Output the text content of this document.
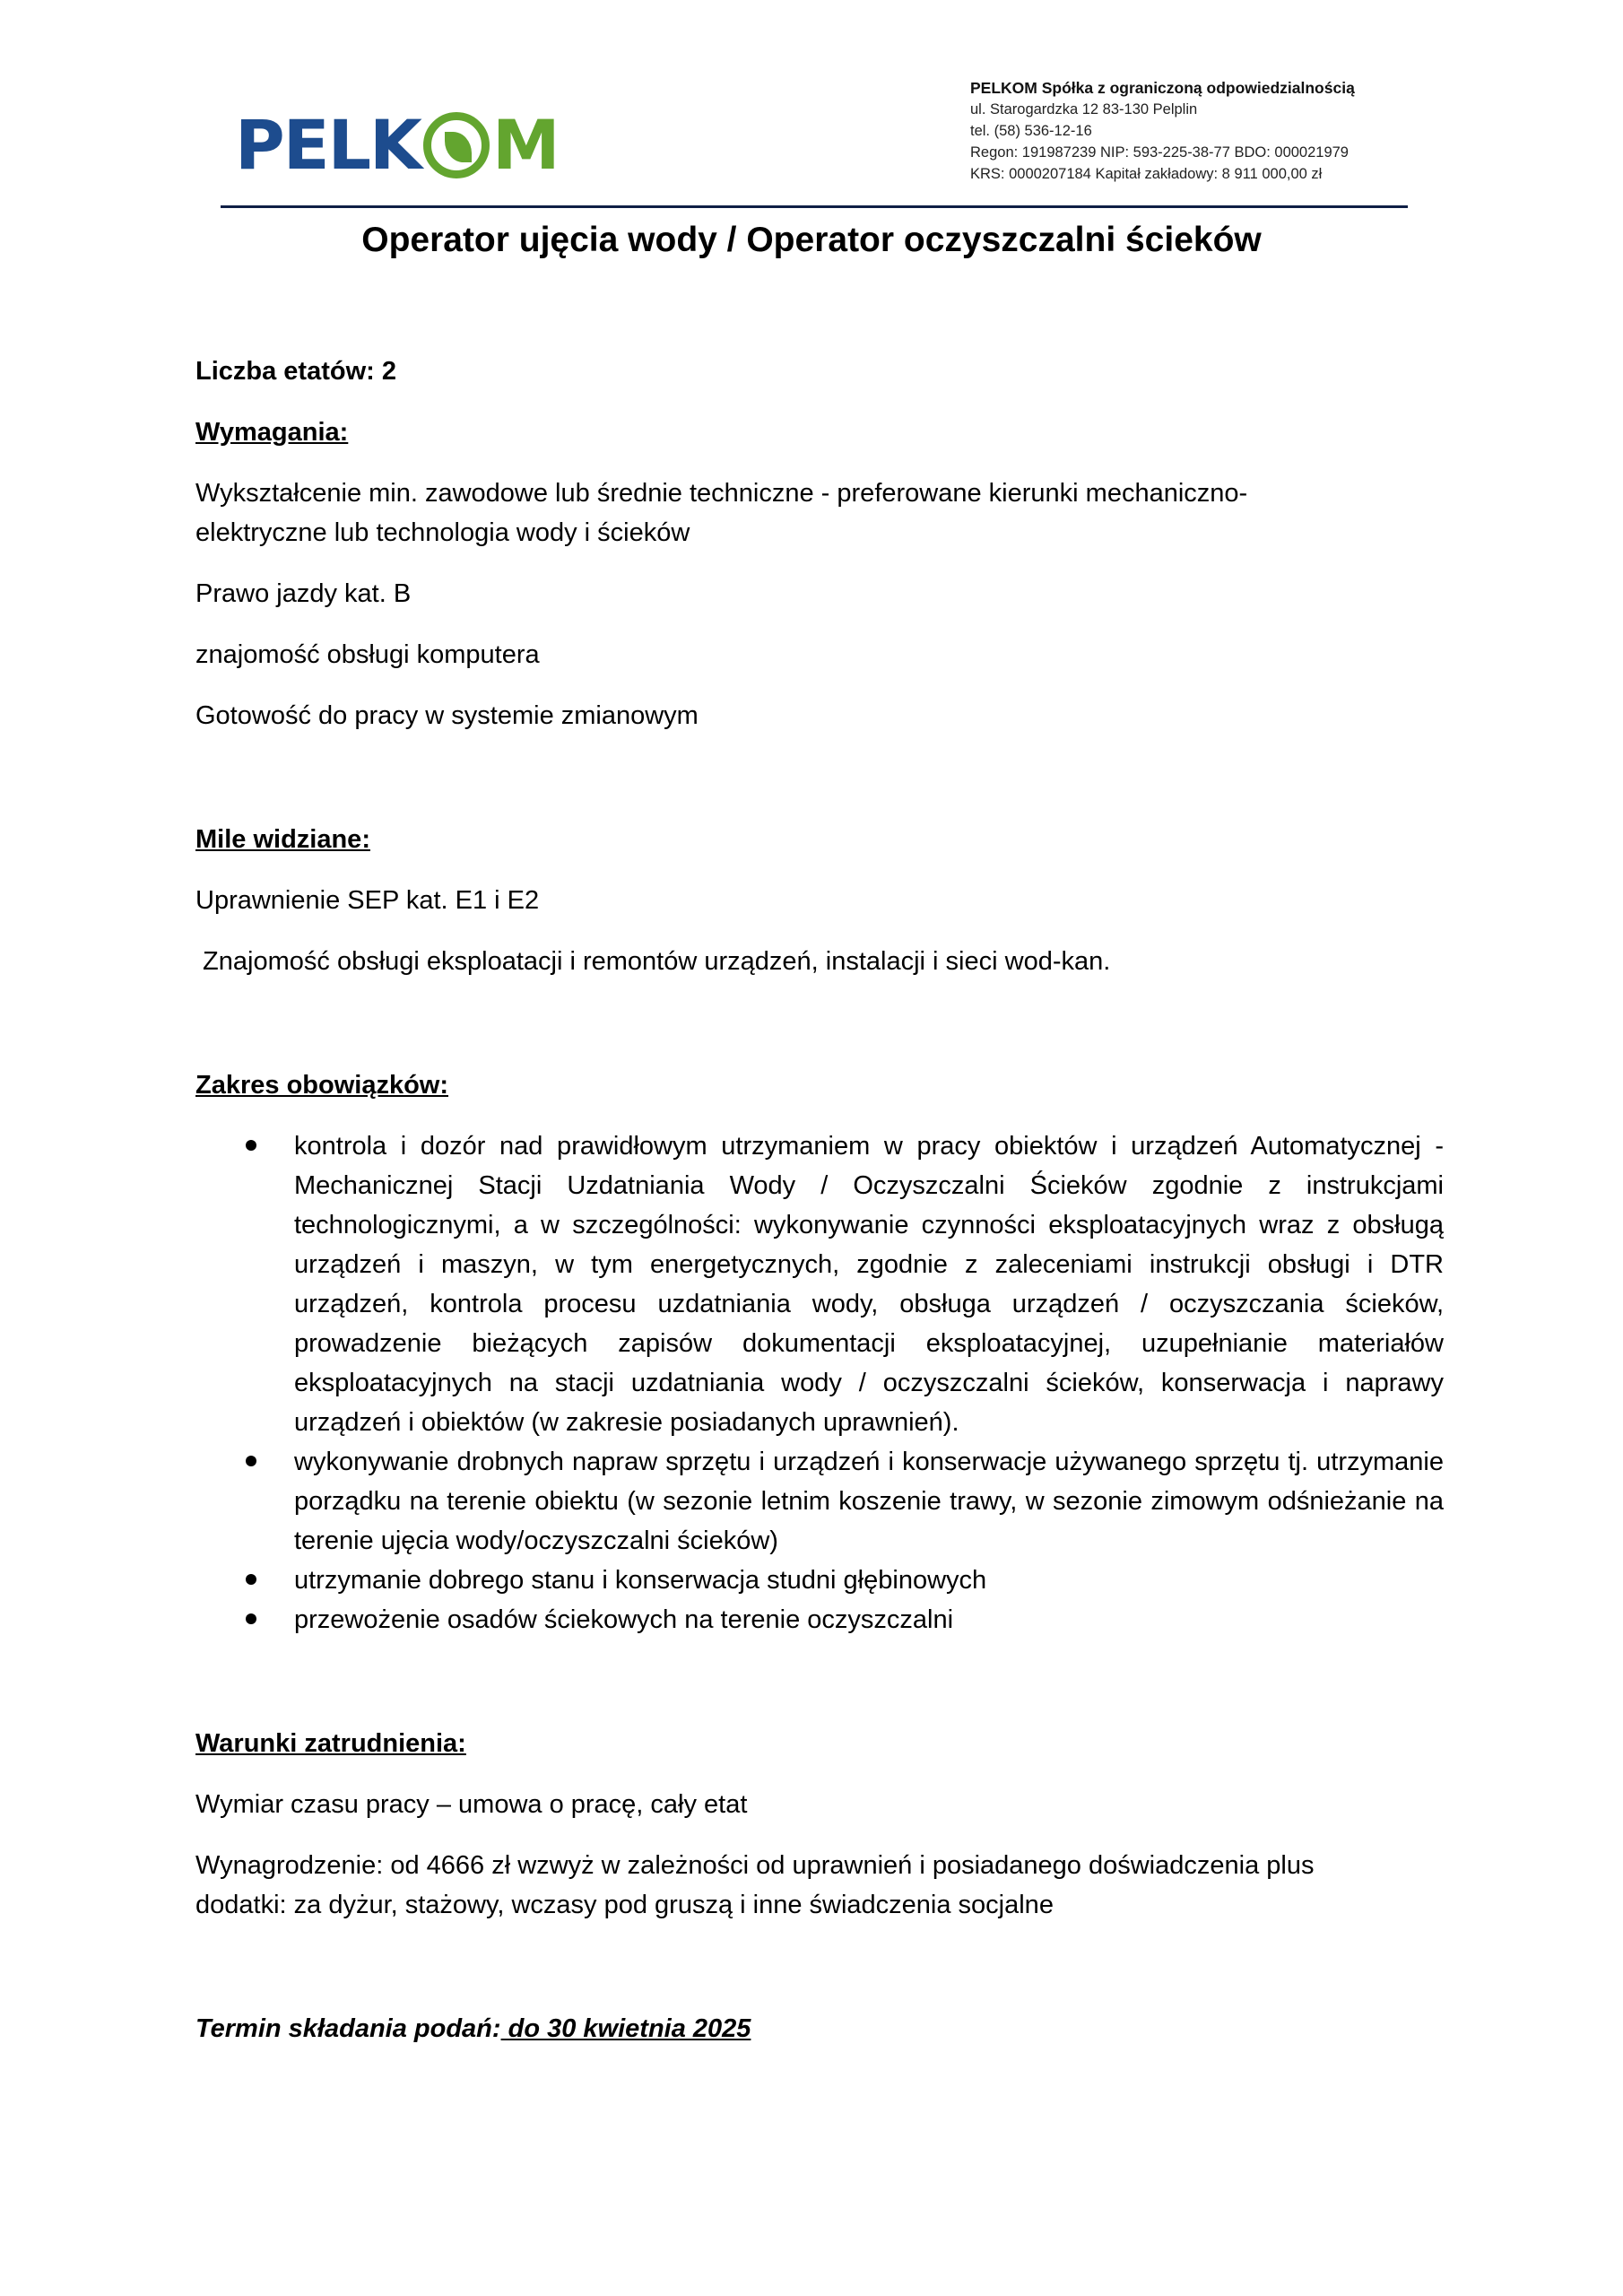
PELK M
PELKOM Spółka z ograniczoną odpowiedzialnością
ul. Starogardzka 12 83-130 Pelplin
tel. (58) 536-12-16
Regon: 191987239 NIP: 593-225-38-77 BDO: 000021979
KRS: 0000207184 Kapitał zakładowy: 8 911 000,00 zł
Operator ujęcia wody / Operator oczyszczalni ścieków

Liczba etatów: 2

Wymagania:

Wykształcenie min. zawodowe lub średnie techniczne - preferowane kierunki mechaniczno-

elektryczne lub technologia wody i ścieków

Prawo jazdy kat. B

znajomość obsługi komputera

Gotowość do pracy w systemie zmianowym

Mile widziane:

Uprawnienie SEP kat. E1 i E2

Znajomość obsługi eksploatacji i remontów urządzeń, instalacji i sieci wod-kan.

Zakres obowiązków:

kontrola i dozór nad prawidłowym utrzymaniem w pracy obiektów i urządzeń Automatycznej - Mechanicznej Stacji Uzdatniania Wody / Oczyszczalni Ścieków zgodnie z instrukcjami technologicznymi, a w szczególności: wykonywanie czynności eksploatacyjnych wraz z obsługą urządzeń i maszyn, w tym energetycznych, zgodnie z zaleceniami instrukcji obsługi i DTR urządzeń, kontrola procesu uzdatniania wody, obsługa urządzeń / oczyszczania ścieków, prowadzenie bieżących zapisów dokumentacji eksploatacyjnej, uzupełnianie materiałów eksploatacyjnych na stacji uzdatniania wody / oczyszczalni ścieków, konserwacja i naprawy urządzeń i obiektów (w zakresie posiadanych uprawnień).
wykonywanie drobnych napraw sprzętu i urządzeń i konserwacje używanego sprzętu tj. utrzymanie porządku na terenie obiektu (w sezonie letnim koszenie trawy, w sezonie zimowym odśnieżanie na terenie ujęcia wody/oczyszczalni ścieków)
utrzymanie dobrego stanu i konserwacja studni głębinowych
przewożenie osadów ściekowych na terenie oczyszczalni

Warunki zatrudnienia:

Wymiar czasu pracy – umowa o pracę, cały etat

Wynagrodzenie: od 4666 zł wzwyż w zależności od uprawnień i posiadanego doświadczenia plus

dodatki: za dyżur, stażowy, wczasy pod gruszą i inne świadczenia socjalne

Termin składania podań: do 30 kwietnia 2025
